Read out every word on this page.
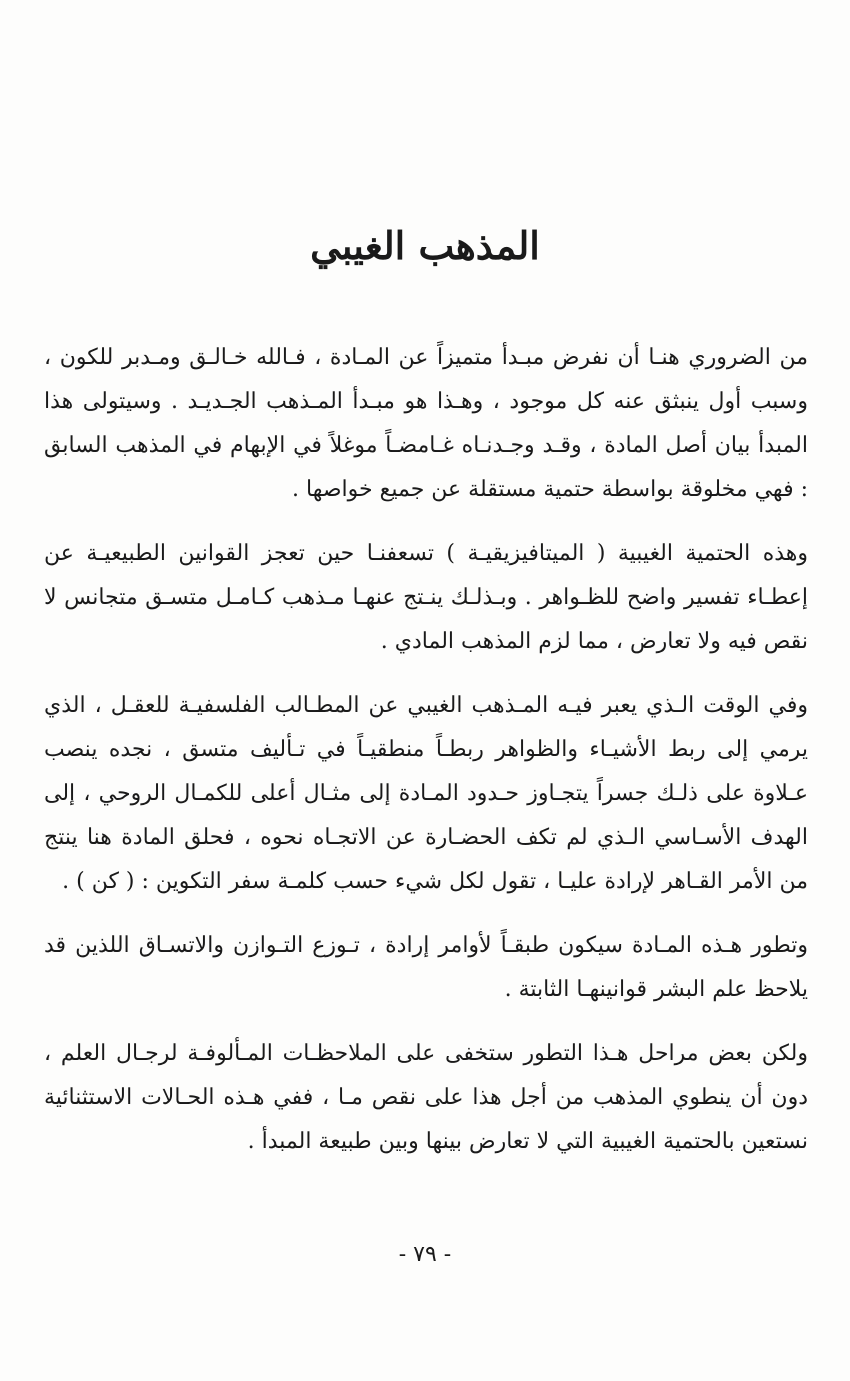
المذهب الغيبي

من الضروري هنـا أن نفرض مبـدأ متميزاً عن المـادة ، فـالله خـالـق ومـدبر للكون ، وسبب أول ينبثق عنه كل موجود ، وهـذا هو مبـدأ المـذهب الجـديـد . وسيتولى هذا المبدأ بيان أصل المادة ، وقـد وجـدنـاه غـامضـاً موغلاً في الإبهام في المذهب السابق : فهي مخلوقة بواسطة حتمية مستقلة عن جميع خواصها .

وهذه الحتمية الغيبية ( الميتافيزيقيـة ) تسعفنـا حين تعجز القوانين الطبيعيـة عن إعطـاء تفسير واضح للظـواهر . وبـذلـك ينـتج عنهـا مـذهب كـامـل متسـق متجانس لا نقص فيه ولا تعارض ، مما لزم المذهب المادي .

وفي الوقت الـذي يعبر فيـه المـذهب الغيبي عن المطـالب الفلسفيـة للعقـل ، الذي يرمي إلى ربط الأشيـاء والظواهر ربطـاً منطقيـاً في تـأليف متسق ، نجده ينصب عـلاوة على ذلـك جسراً يتجـاوز حـدود المـادة إلى مثـال أعلى للكمـال الروحي ، إلى الهدف الأسـاسي الـذي لم تكف الحضـارة عن الاتجـاه نحوه ، فحلق المادة هنا ينتج من الأمر القـاهر لإرادة عليـا ، تقول لكل شيء حسب كلمـة سفر التكوين : ( كن ) .

وتطور هـذه المـادة سيكون طبقـاً لأوامر إرادة ، تـوزع التـوازن والاتسـاق اللذين قد يلاحظ علم البشر قوانينهـا الثابتة .

ولكن بعض مراحل هـذا التطور ستخفى على الملاحظـات المـألوفـة لرجـال العلم ، دون أن ينطوي المذهب من أجل هذا على نقص مـا ، ففي هـذه الحـالات الاستثنائية نستعين بالحتمية الغيبية التي لا تعارض بينها وبين طبيعة المبدأ .

- ٧٩ -
